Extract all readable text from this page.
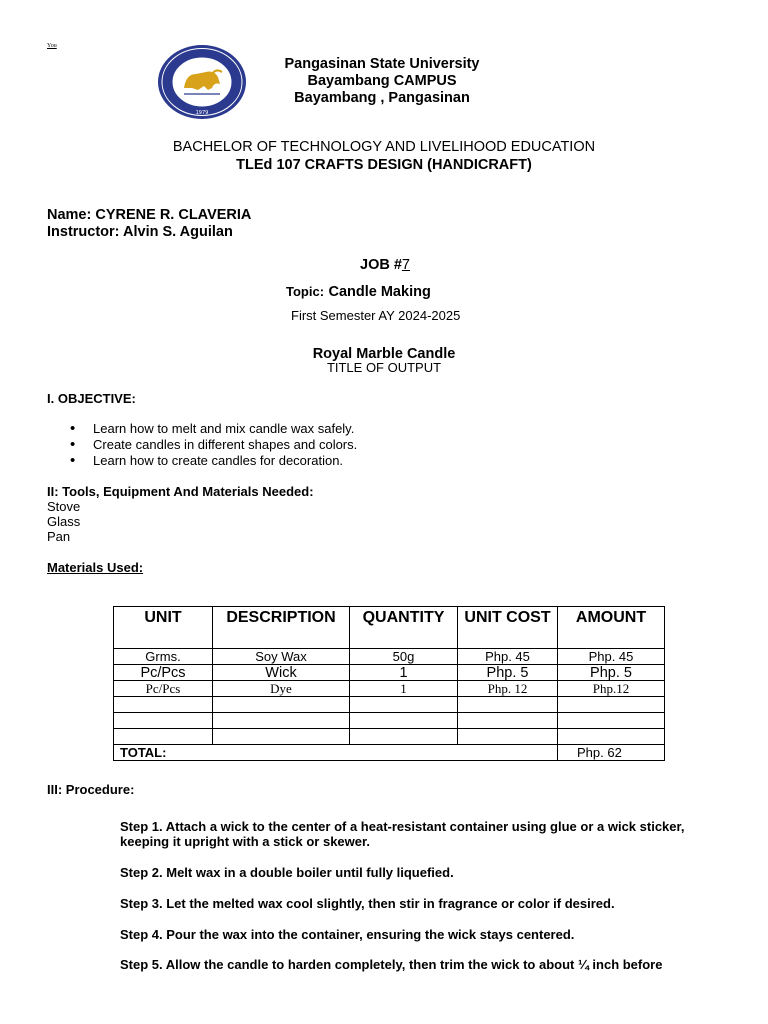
You
1979
Pangasinan State University
Bayambang CAMPUS
Bayambang , Pangasinan
BACHELOR OF TECHNOLOGY AND LIVELIHOOD EDUCATION
TLEd 107 CRAFTS DESIGN (HANDICRAFT)
Name: CYRENE R. CLAVERIA
Instructor: Alvin S. Aguilan
JOB #7
Topic: Candle Making
First Semester AY 2024-2025
Royal Marble Candle
TITLE OF OUTPUT
I. OBJECTIVE:
• Learn how to melt and mix candle wax safely.
• Create candles in different shapes and colors.
• Learn how to create candles for decoration.
II: Tools, Equipment And Materials Needed:
Stove
Glass
Pan
Materials Used:
UNIT	DESCRIPTION	QUANTITY	UNIT COST	AMOUNT
Grms.	Soy Wax	50g	Php. 45	Php. 45
Pc/Pcs	Wick	1	Php. 5	Php. 5
Pc/Pcs	Dye	1	Php. 12	Php.12

TOTAL:				Php. 62
III: Procedure:
Step 1. Attach a wick to the center of a heat-resistant container using glue or a wick sticker, keeping it upright with a stick or skewer.
Step 2. Melt wax in a double boiler until fully liquefied.
Step 3. Let the melted wax cool slightly, then stir in fragrance or color if desired.
Step 4. Pour the wax into the container, ensuring the wick stays centered.
Step 5. Allow the candle to harden completely, then trim the wick to about ¼ inch before
